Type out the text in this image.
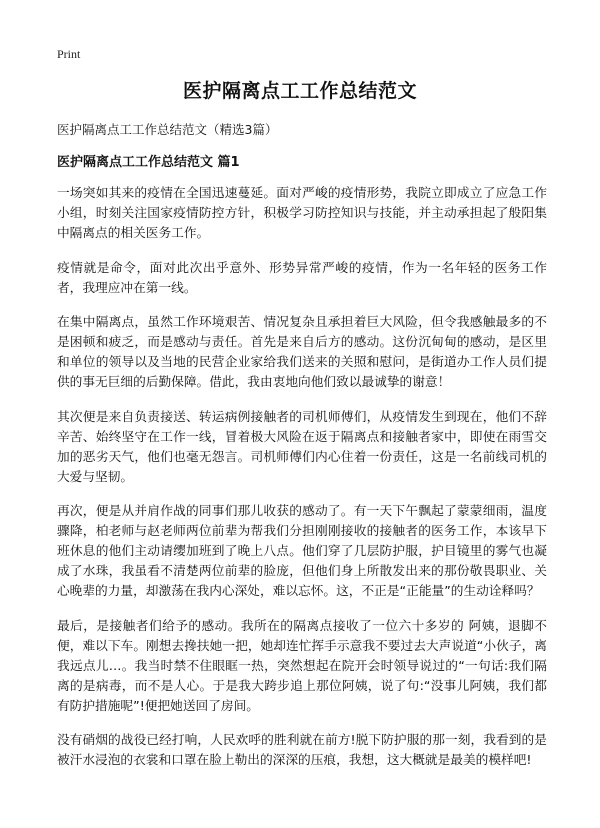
Print
医护隔离点工工作总结范文
医护隔离点工工作总结范文（精选3篇）
医护隔离点工工作总结范文 篇1

一场突如其来的疫情在全国迅速蔓延。面对严峻的疫情形势，我院立即成立了应急工作小组，时刻关注国家疫情防控方针，积极学习防控知识与技能，并主动承担起了般阳集中隔离点的相关医务工作。

疫情就是命令，面对此次出乎意外、形势异常严峻的疫情，作为一名年轻的医务工作者，我理应冲在第一线。

在集中隔离点，虽然工作环境艰苦、情况复杂且承担着巨大风险，但令我感触最多的不是困顿和疲乏，而是感动与责任。首先是来自后方的感动。这份沉甸甸的感动，是区里和单位的领导以及当地的民营企业家给我们送来的关照和慰问，是街道办工作人员们提供的事无巨细的后勤保障。借此，我由衷地向他们致以最诚挚的谢意！

其次便是来自负责接送、转运病例接触者的司机师傅们，从疫情发生到现在，他们不辞辛苦、始终坚守在工作一线，冒着极大风险在返于隔离点和接触者家中，即使在雨雪交加的恶劣天气，他们也毫无怨言。司机师傅们内心住着一份责任，这是一名前线司机的大爱与坚韧。

再次，便是从并肩作战的同事们那儿收获的感动了。有一天下午飘起了蒙蒙细雨，温度骤降，柏老师与赵老师两位前辈为帮我们分担刚刚接收的接触者的医务工作，本该早下班休息的他们主动请缨加班到了晚上八点。他们穿了几层防护服，护目镜里的雾气也凝成了水珠，我虽看不清楚两位前辈的脸庞，但他们身上所散发出来的那份敬畏职业、关心晚辈的力量，却激荡在我内心深处，难以忘怀。这，不正是“正能量”的生动诠释吗？

最后，是接触者们给予的感动。我所在的隔离点接收了一位六十多岁的 阿姨，退脚不便，难以下车。刚想去搀扶她一把，她却连忙挥手示意我不要过去大声说道“小伙子，离我远点儿…。我当时禁不住眼眶一热，突然想起在院开会时领导说过的“一句话:我们隔离的是病毒，而不是人心。于是我大跨步追上那位阿姨，说了句:“没事儿阿姨，我们都有防护措施呢”!便把她送回了房间。

没有硝烟的战役已经打响，人民欢呼的胜利就在前方!脱下防护服的那一刻，我看到的是被汗水浸泡的衣裳和口罩在脸上勒出的深深的压痕，我想，这大概就是最美的模样吧!
